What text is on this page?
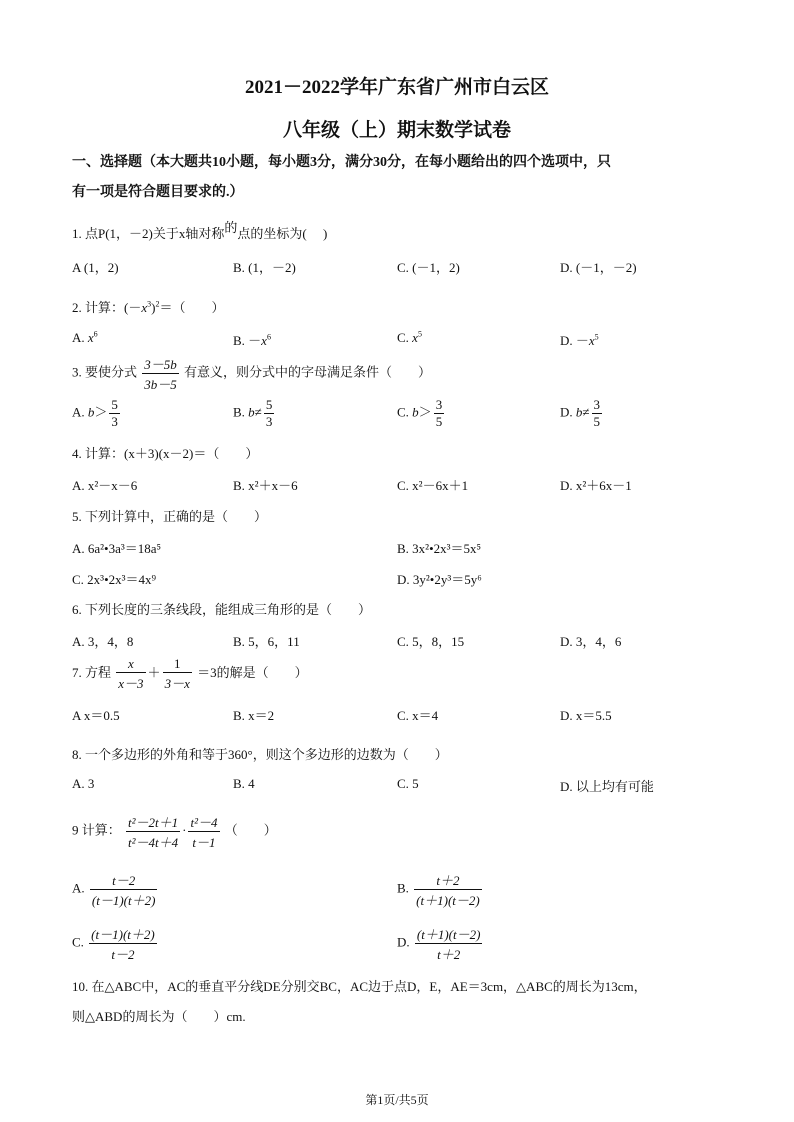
2021－2022学年广东省广州市白云区
八年级（上）期末数学试卷
一、选择题（本大题共10小题，每小题3分，满分30分，在每小题给出的四个选项中，只
有一项是符合题目要求的.）
1. 点P(1，－2)关于x轴对称的点的坐标为(　 )
A (1，2)	B. (1，－2)	C. (－1，2)	D. (－1，－2)
2. 计算：$(-x^3)^2=$（　　）
A. $x^6$	B. $-x^6$	C. $x^5$	D. $-x^5$
3. 要使分式 $\frac{3-5b}{3b-5}$ 有意义，则分式中的字母满足条件（　　）
A. $b> \frac{5}{3}$	B. $b\ne \frac{5}{3}$	C. $b> \frac{3}{5}$	D. $b\ne \frac{3}{5}$
4. 计算：(x＋3)(x－2)＝（　　）
A. x²－x－6	B. x²＋x－6	C. x²－6x＋1	D. x²＋6x－1
5. 下列计算中，正确的是（　　）
A. 6a²•3a³＝18a⁵	B. 3x²•2x³＝5x⁵
C. 2x³•2x³＝4x⁹	D. 3y²•2y³＝5y⁶
6. 下列长度的三条线段，能组成三角形的是（　　）
A. 3，4，8	B. 5，6，11	C. 5，8，15	D. 3，4，6
7. 方程 $\frac{x}{x-3} + \frac{1}{3-x} =3$的解是（　　）
A x＝0.5	B. x＝2	C. x＝4	D. x＝5.5
8. 一个多边形的外角和等于360°，则这个多边形的边数为（　　）
A. 3	B. 4	C. 5	D. 以上均有可能
9 计算： $\frac{\text{t²－2t＋1}}{\text{t²－4t＋4}} \cdot \frac{\text{t²－4}}{t-1}$ （　　）
A. $\frac{t-2}{(t-1)(t+2)}$	B. $\frac{t+2}{(t+1)(t-2)}$
C. $\frac{(t-1)(t+2)}{t-2}$	D. $\frac{(t+1)(t-2)}{t+2}$
10. 在△ABC中，AC的垂直平分线DE分别交BC，AC边于点D，E，AE＝3cm，△ABC的周长为13cm，
则△ABD的周长为（　　）cm.
第1页/共5页
